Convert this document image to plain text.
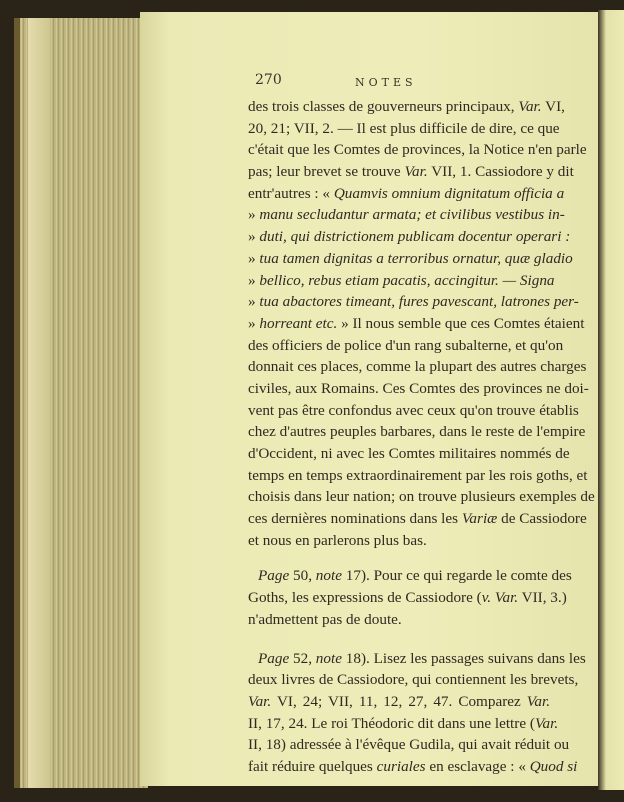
270	NOTES
des trois classes de gouverneurs principaux, Var. VI,
20, 21; VII, 2. — Il est plus difficile de dire, ce que
c'était que les Comtes de provinces, la Notice n'en parle
pas; leur brevet se trouve Var. VII, 1. Cassiodore y dit
entr'autres : « Quamvis omnium dignitatum officia a
» manu secludantur armata; et civilibus vestibus in-
» duti, qui districtionem publicam docentur operari :
» tua tamen dignitas a terroribus ornatur, quæ gladio
» bellico, rebus etiam pacatis, accingitur. — Signa
» tua abactores timeant, fures pavescant, latrones per-
» horreant etc. » Il nous semble que ces Comtes étaient
des officiers de police d'un rang subalterne, et qu'on
donnait ces places, comme la plupart des autres charges
civiles, aux Romains. Ces Comtes des provinces ne doi-
vent pas être confondus avec ceux qu'on trouve établis
chez d'autres peuples barbares, dans le reste de l'empire
d'Occident, ni avec les Comtes militaires nommés de
temps en temps extraordinairement par les rois goths, et
choisis dans leur nation; on trouve plusieurs exemples de
ces dernières nominations dans les Variæ de Cassiodore
et nous en parlerons plus bas.
Page 50, note 17). Pour ce qui regarde le comte des
Goths, les expressions de Cassiodore (v. Var. VII, 3.)
n'admettent pas de doute.
Page 52, note 18). Lisez les passages suivans dans les
deux livres de Cassiodore, qui contiennent les brevets,
Var. VI, 24; VII, 11, 12, 27, 47. Comparez Var.
II, 17, 24. Le roi Théodoric dit dans une lettre (Var.
II, 18) adressée à l'évêque Gudila, qui avait réduit ou
fait réduire quelques curiales en esclavage : « Quod si
